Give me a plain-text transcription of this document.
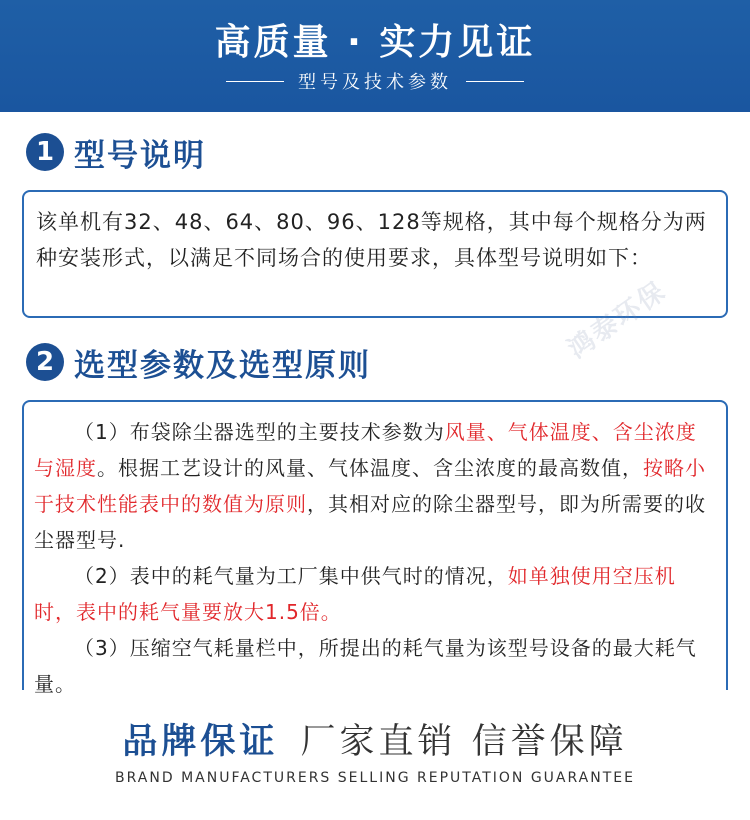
高质量 · 实力见证
型号及技术参数
1 型号说明
该单机有32、48、64、80、96、128等规格，其中每个规格分为两种安装形式，以满足不同场合的使用要求，具体型号说明如下：
2 选型参数及选型原则

（1）布袋除尘器选型的主要技术参数为风量、气体温度、含尘浓度与湿度。根据工艺设计的风量、气体温度、含尘浓度的最高数值，按略小于技术性能表中的数值为原则，其相对应的除尘器型号，即为所需要的收尘器型号.

（2）表中的耗气量为工厂集中供气时的情况，如单独使用空压机时，表中的耗气量要放大1.5倍。

（3）压缩空气耗量栏中，所提出的耗气量为该型号设备的最大耗气量。

鸿泰环保
品牌保证 厂家直销 信誉保障
BRAND MANUFACTURERS SELLING REPUTATION GUARANTEE
